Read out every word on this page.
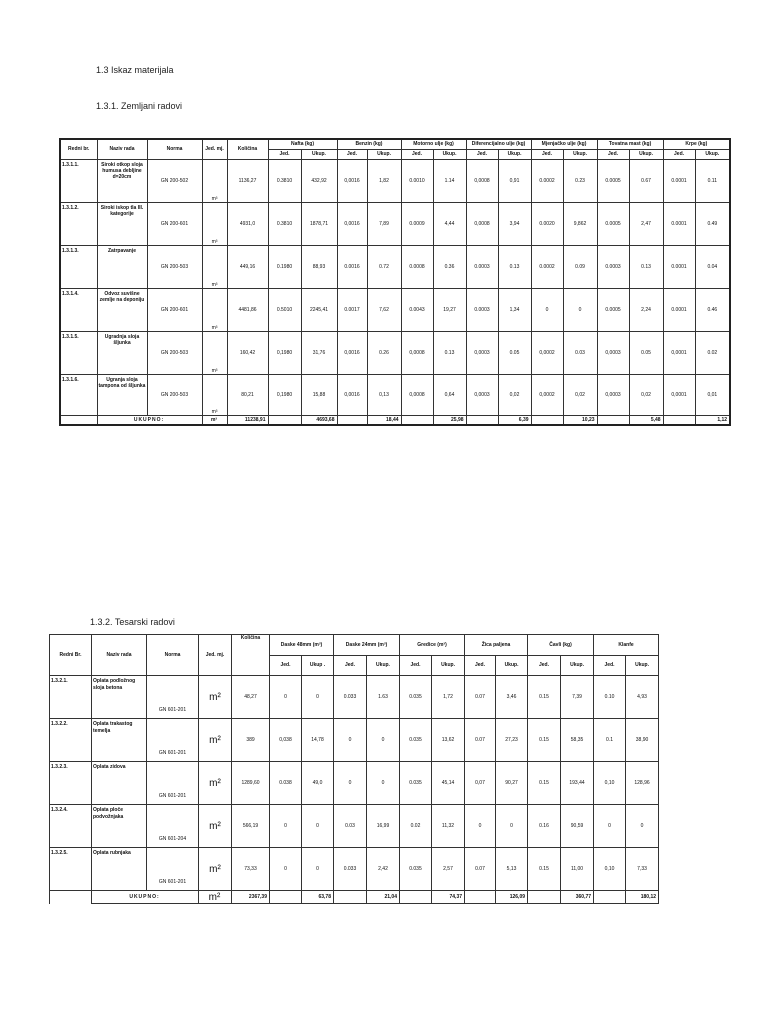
1.3 Iskaz materijala
1.3.1. Zemljani radovi
1.3.2. Tesarski radovi
Redni br.	Naziv rada	Norma	Jed. mj.	Količina	Nafta (kg)		Benzin (kg)		Motorno ulje (kg)		Diferencijalno ulje (kg)		Mjenjačko ulje (kg)		Tovatna mast (kg)		Krpe (kg)	
					Jed.	Ukup.	Jed.	Ukup.	Jed.	Ukup.	Jed.	Ukup.	Jed.	Ukup.	Jed.	Ukup.	Jed.	Ukup.
1.3.1.1.	Siroki otkop sloja humusa debljine d=20cm	GN 200-502	m³	1136,27	0.3810	432,92	0,0016	1,82	0.0010	1.14	0,0008	0,91	0.0002	0.23	0.0005	0.67	0.0001	0.11
1.3.1.2.	Siroki iskop tla III. kategorije	GN 200-601	m³	4931,0	0.3810	1878,71	0,0016	7,89	0.0009	4,44	0,0008	3,94	0.0020	9,862	0.0005	2,47	0.0001	0.49
1.3.1.3.	Zatrpavanje	GN 200-503	m³	449,16	0.1980	88,93	0.0016	0.72	0.0008	0.36	0.0003	0.13	0.0002	0.09	0.0003	0.13	0.0001	0.04
1.3.1.4.	Odvoz suvišne zemlje na deponiju	GN 200-601	m³	4481,86	0.5010	2245,41	0.0017	7,62	0.0043	19,27	0.0003	1,34	0	0	0.0005	2,24	0.0001	0.46
1.3.1.5.	Ugradnja sloja šljunka	GN 200-503	m³	160,42	0,1980	31,76	0,0016	0.26	0,0008	0.13	0,0003	0.05	0,0002	0.03	0,0003	0.05	0,0001	0.02
1.3.1.6.	Ugranja sloja tampona od šljunka	GN 200-503	m³	80,21	0,1980	15,88	0,0016	0,13	0,0008	0,64	0,0003	0,02	0,0002	0,02	0,0003	0,02	0,0001	0,01
	UKUPNO:		m³	11238,91		4693,68		18,44		25,98		6,39		10,23		5,48		1,12
Redni Br.	Naziv rada	Norma	Jed. mj.	Količina	Daske 48mm (m³)		Daske 24mm (m³)		Gredice (m³)		Žica paljena		Čavli (kg)		Klanfe	
					Jed.	Ukup .	Jed.	Ukup.	Jed.	Ukup.	Jed.	Ukup.	Jed.	Ukup.	Jed.	Ukup.
1.3.2.1.	Oplata podložnog sloja betona	GN 601-201	m²	48,27	0	0	0.033	1.63	0.035	1,72	0.07	3,46	0.15	7,39	0.10	4,93
1.3.2.2.	Oplata trakastog temelja	GN 601-201	m²	389	0,038	14,78	0	0	0.035	13,62	0.07	27,23	0.15	58,35	0.1	38,90
1.3.2.3.	Oplata zidova	GN 601-201	m²	1289,60	0.038	49,0	0	0	0.035	45,14	0,07	90,27	0.15	193,44	0,10	128,96
1.3.2.4.	Oplata ploče podvožnjaka	GN 601-204	m²	566,19	0	0	0.03	16,99	0.02	11,32	0	0	0.16	90,59	0	0
1.3.2.5.	Oplata rubnjaka	GN 601-201	m²	73,33	0	0	0.033	2,42	0.035	2,57	0.07	5,13	0.15	11,00	0,10	7,33
	UKUPNO:		m²	2367,39		63,78		21,04		74,37		126,09		360,77		180,12
